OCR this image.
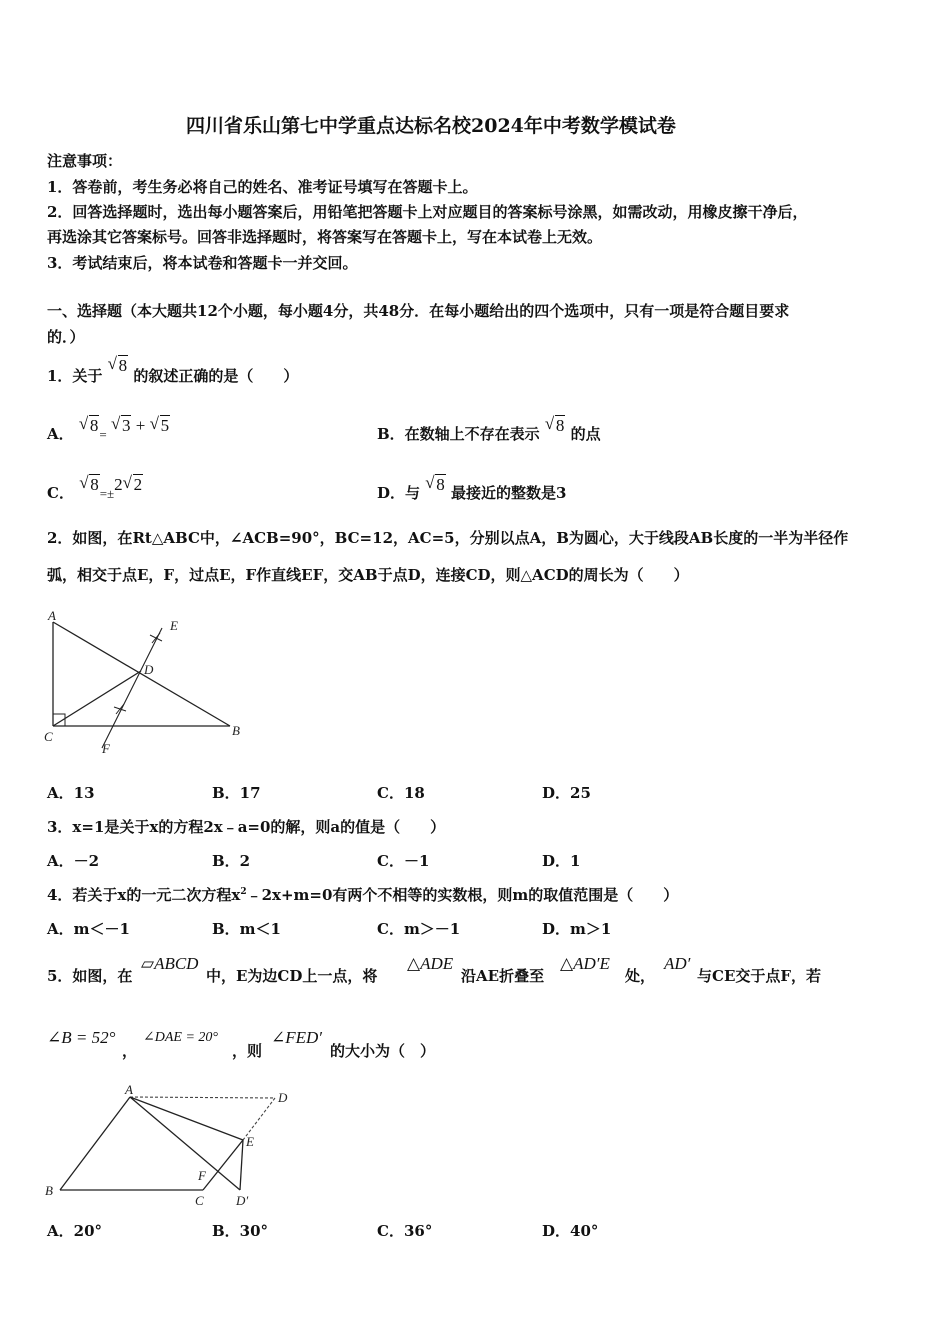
四川省乐山第七中学重点达标名校2024年中考数学模试卷
注意事项：
1．答卷前，考生务必将自己的姓名、准考证号填写在答题卡上。
2．回答选择题时，选出每小题答案后，用铅笔把答题卡上对应题目的答案标号涂黑，如需改动，用橡皮擦干净后，
再选涂其它答案标号。回答非选择题时，将答案写在答题卡上，写在本试卷上无效。
3．考试结束后，将本试卷和答题卡一并交回。
一、选择题（本大题共12个小题，每小题4分，共48分．在每小题给出的四个选项中，只有一项是符合题目要求
的．）
1．关于
√ 8 的叙述正确的是（　　）
A．
√ $8_=$
√ 3 + √ 5	B．在数轴上不存在表示
√ 8 的点
C．
√ $8_{=\pm}2$ √ 2	D．与
√ 8 最接近的整数是3
2．如图，在Rt△ABC中，∠ACB=90°，BC=12，AC=5，分别以点A，B为圆心，大于线段AB长度的一半为半径作
弧，相交于点E，F，过点E，F作直线EF，交AB于点D，连接CD，则△ACD的周长为（　　）
A
C	B
D
E
F
A．13	B．17	C．18	D．25
3．x=1是关于x的方程2x﹣a=0的解，则a的值是（　　）
A．－2	B．2	C．－1	D．1
4．若关于x的一元二次方程$x^2﹣2x+m=0$有两个不相等的实数根，则m的取值范围是（　　）
A．m＜－1	B．m＜1	C．m＞－1	D．m＞1
5．如图，在
▱ABCD
中，E为边CD上一点，将
△ADE
沿AE折叠至
△AD′E
处，
AD′
与CE交于点F，若
∠B = 52°
，
∠DAE = 20°
，则
∠FED′
的大小为（　）
A
B
C
D
E
F
D′
A．20°	B．30°	C．36°	D．40°
